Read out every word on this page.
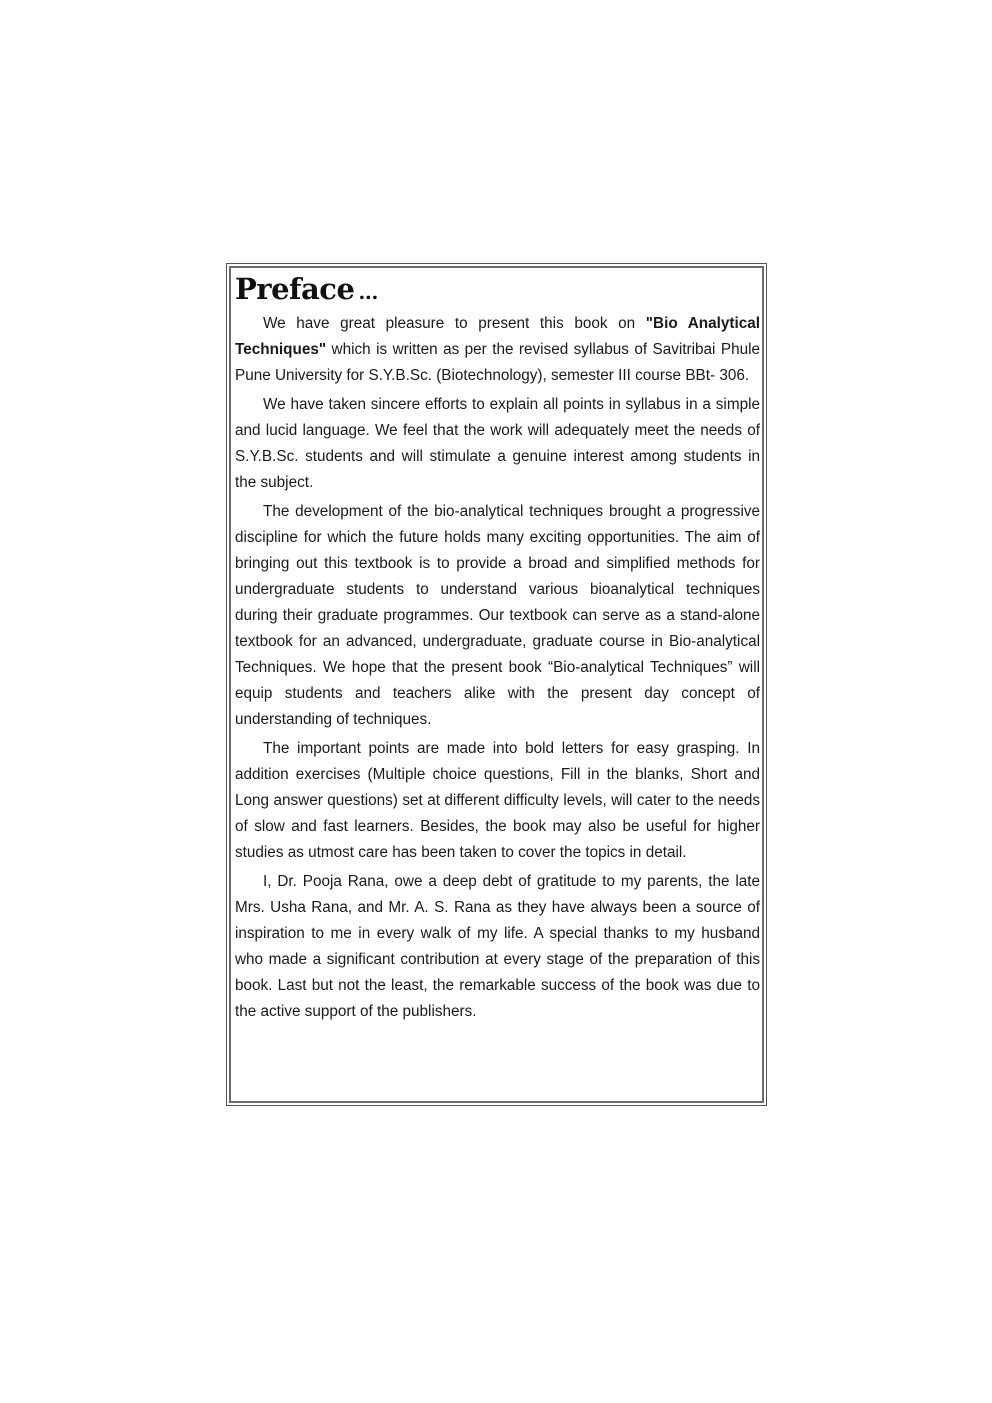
Preface ...

We have great pleasure to present this book on "Bio Analytical Techniques" which is written as per the revised syllabus of Savitribai Phule Pune University for S.Y.B.Sc. (Biotechnology), semester III course BBt- 306.

We have taken sincere efforts to explain all points in syllabus in a simple and lucid language. We feel that the work will adequately meet the needs of S.Y.B.Sc. students and will stimulate a genuine interest among students in the subject.

The development of the bio-analytical techniques brought a progressive discipline for which the future holds many exciting opportunities. The aim of bringing out this textbook is to provide a broad and simplified methods for undergraduate students to understand various bioanalytical techniques during their graduate programmes. Our textbook can serve as a stand-alone textbook for an advanced, undergraduate, graduate course in Bio-analytical Techniques. We hope that the present book “Bio-analytical Techniques” will equip students and teachers alike with the present day concept of understanding of techniques.

The important points are made into bold letters for easy grasping. In addition exercises (Multiple choice questions, Fill in the blanks, Short and Long answer questions) set at different difficulty levels, will cater to the needs of slow and fast learners. Besides, the book may also be useful for higher studies as utmost care has been taken to cover the topics in detail.

I, Dr. Pooja Rana, owe a deep debt of gratitude to my parents, the late Mrs. Usha Rana, and Mr. A. S. Rana as they have always been a source of inspiration to me in every walk of my life. A special thanks to my husband who made a significant contribution at every stage of the preparation of this book. Last but not the least, the remarkable success of the book was due to the active support of the publishers.
